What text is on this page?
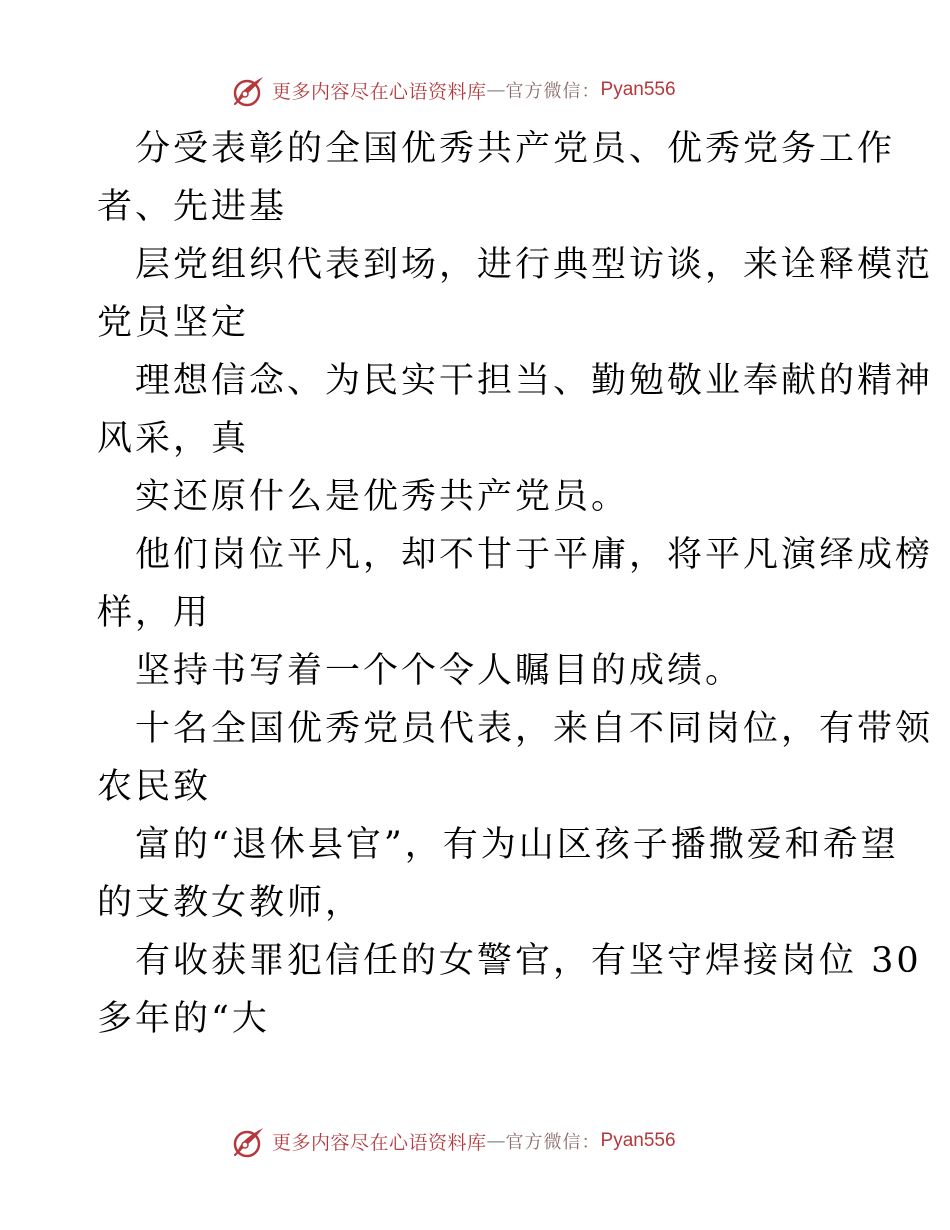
更多内容尽在心语资料库 — 官方微信： Pyan556

分受表彰的全国优秀共产党员、优秀党务工作

者、先进基

层党组织代表到场，进行典型访谈，来诠释模范

党员坚定

理想信念、为民实干担当、勤勉敬业奉献的精神

风采，真

实还原什么是优秀共产党员。

他们岗位平凡，却不甘于平庸，将平凡演绎成榜

样，用

坚持书写着一个个令人瞩目的成绩。

十名全国优秀党员代表，来自不同岗位，有带领

农民致

富的“退休县官”，有为山区孩子播撒爱和希望

的支教女教师，

有收获罪犯信任的女警官，有坚守焊接岗位 30

多年的“大

更多内容尽在心语资料库 — 官方微信： Pyan556
